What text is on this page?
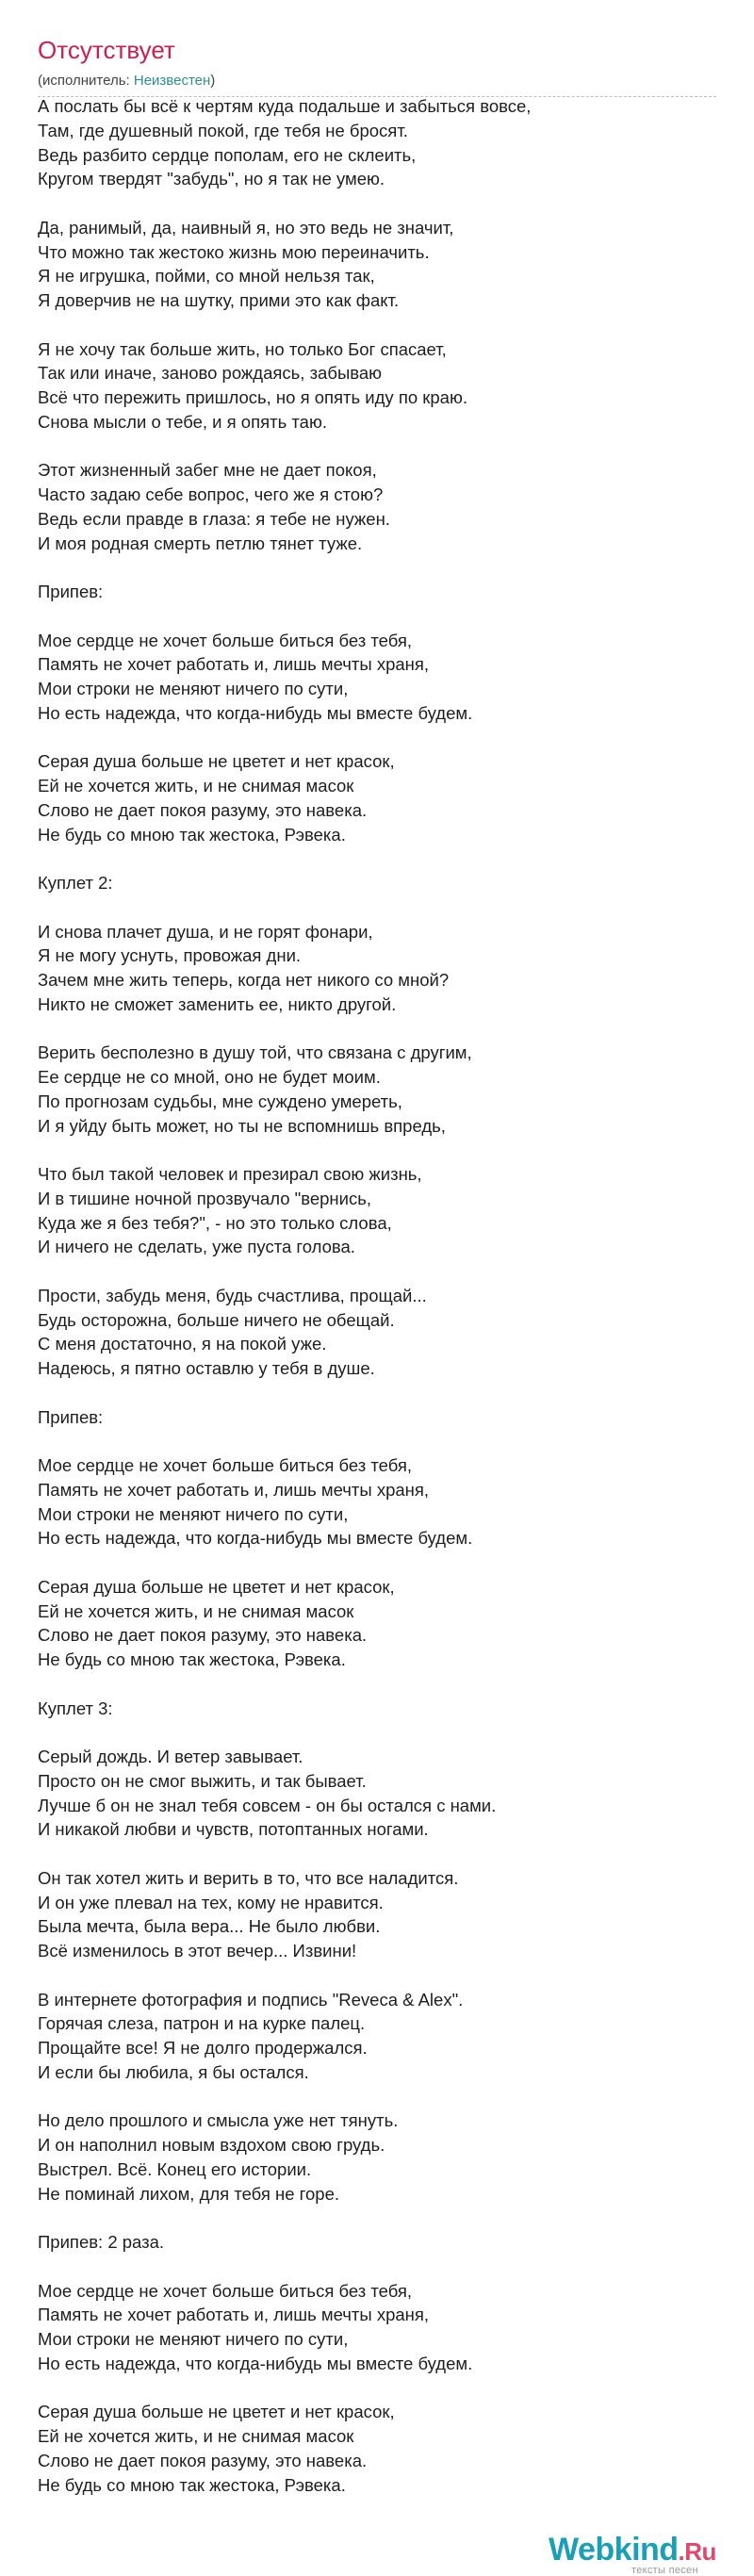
Отсутствует
(исполнитель: Неизвестен)
А послать бы всё к чертям куда подальше и забыться вовсе,
Там, где душевный покой, где тебя не бросят.
Ведь разбито сердце пополам, его не склеить,
Кругом твердят "забудь", но я так не умею.
Да, ранимый, да, наивный я, но это ведь не значит,
Что можно так жестоко жизнь мою переиначить.
Я не игрушка, пойми, со мной нельзя так,
Я доверчив не на шутку, прими это как факт.
Я не хочу так больше жить, но только Бог спасает,
Так или иначе, заново рождаясь, забываю
Всё что пережить пришлось, но я опять иду по краю.
Снова мысли о тебе, и я опять таю.
Этот жизненный забег мне не дает покоя,
Часто задаю себе вопрос, чего же я стою?
Ведь если правде в глаза: я тебе не нужен.
И моя родная смерть петлю тянет туже.
Припев:
Мое сердце не хочет больше биться без тебя,
Память не хочет работать и, лишь мечты храня,
Мои строки не меняют ничего по сути,
Но есть надежда, что когда-нибудь мы вместе будем.
Серая душа больше не цветет и нет красок,
Ей не хочется жить, и не снимая масок
Слово не дает покоя разуму, это навека.
Не будь со мною так жестока, Рэвека.
Куплет 2:
И снова плачет душа, и не горят фонари,
Я не могу уснуть, провожая дни.
Зачем мне жить теперь, когда нет никого со мной?
Никто не сможет заменить ее, никто другой.
Верить бесполезно в душу той, что связана с другим,
Ее сердце не со мной, оно не будет моим.
По прогнозам судьбы, мне суждено умереть,
И я уйду быть может, но ты не вспомнишь впредь,
Что был такой человек и презирал свою жизнь,
И в тишине ночной прозвучало "вернись,
Куда же я без тебя?", - но это только слова,
И ничего не сделать, уже пуста голова.
Прости, забудь меня, будь счастлива, прощай...
Будь осторожна, больше ничего не обещай.
С меня достаточно, я на покой уже.
Надеюсь, я пятно оставлю у тебя в душе.
Припев:
Мое сердце не хочет больше биться без тебя,
Память не хочет работать и, лишь мечты храня,
Мои строки не меняют ничего по сути,
Но есть надежда, что когда-нибудь мы вместе будем.
Серая душа больше не цветет и нет красок,
Ей не хочется жить, и не снимая масок
Слово не дает покоя разуму, это навека.
Не будь со мною так жестока, Рэвека.
Куплет 3:
Серый дождь. И ветер завывает.
Просто он не смог выжить, и так бывает.
Лучше б он не знал тебя совсем - он бы остался с нами.
И никакой любви и чувств, потоптанных ногами.
Он так хотел жить и верить в то, что все наладится.
И он уже плевал на тех, кому не нравится.
Была мечта, была вера... Не было любви.
Всё изменилось в этот вечер... Извини!
В интернете фотография и подпись "Reveca & Alex".
Горячая слеза, патрон и на курке палец.
Прощайте все! Я не долго продержался.
И если бы любила, я бы остался.
Но дело прошлого и смысла уже нет тянуть.
И он наполнил новым вздохом свою грудь.
Выстрел. Всё. Конец его истории.
Не поминай лихом, для тебя не горе.
Припев: 2 раза.
Мое сердце не хочет больше биться без тебя,
Память не хочет работать и, лишь мечты храня,
Мои строки не меняют ничего по сути,
Но есть надежда, что когда-нибудь мы вместе будем.
Серая душа больше не цветет и нет красок,
Ей не хочется жить, и не снимая масок
Слово не дает покоя разуму, это навека.
Не будь со мною так жестока, Рэвека.
Webkind.Ru
тексты песен
